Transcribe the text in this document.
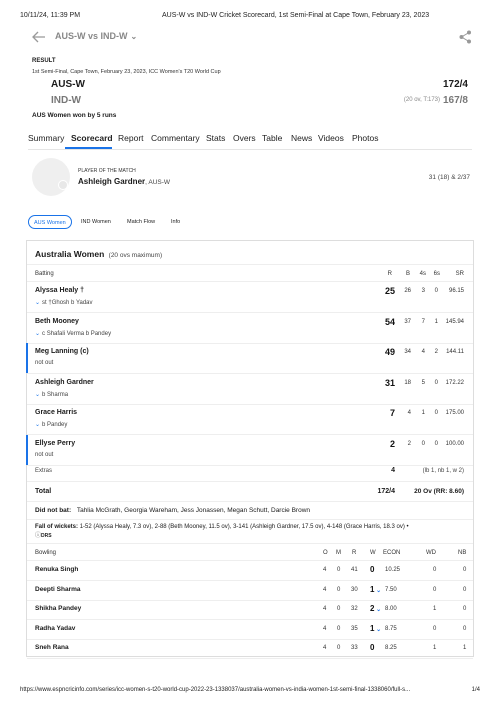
10/11/24, 11:39 PM	AUS-W vs IND-W Cricket Scorecard, 1st Semi-Final at Cape Town, February 23, 2023
AUS-W vs IND-W ⌄
RESULT
1st Semi-Final, Cape Town, February 23, 2023, ICC Women's T20 World Cup
AUS-W	172/4
IND-W	(20 ov, T:173) 167/8
AUS Women won by 5 runs
Summary Scorecard Report Commentary Stats Overs Table News Videos Photos
PLAYER OF THE MATCH
Ashleigh Gardner, AUS-W
31 (18) & 2/37
AUS Women	IND Women	Match Flow	Info
Australia Women (20 ovs maximum)
Batting	R B 4s 6s	SR
Alyssa Healy †
⌄ st †Ghosh b Yadav
25 26 3 0 96.15
Beth Mooney
⌄ c Shafali Verma b Pandey
54 37 7 1 145.94
Meg Lanning (c)
not out
49 34 4 2 144.11
Ashleigh Gardner
⌄ b Sharma
31 18 5 0 172.22
Grace Harris
⌄ b Pandey
7 4 1 0 175.00
Ellyse Perry
not out
2 2 0 0 100.00
Extras	4	(lb 1, nb 1, w 2)
Total	172/4	20 Ov (RR: 8.60)
Did not bat: Tahlia McGrath, Georgia Wareham, Jess Jonassen, Megan Schutt, Darcie Brown
Fall of wickets: 1-52 (Alyssa Healy, 7.3 ov), 2-88 (Beth Mooney, 11.5 ov), 3-141 (Ashleigh Gardner, 17.5 ov), 4-148 (Grace Harris, 18.3 ov) •
ⓘDRS
Bowling	O M R W ECON	WD	NB
Renuka Singh	4 0 41 0 10.25	0	0
Deepti Sharma	4 0 30 1 ⌄ 7.50	0	0
Shikha Pandey	4 0 32 2 ⌄ 8.00	1	0
Radha Yadav	4 0 35 1 ⌄ 8.75	0	0
Sneh Rana	4 0 33 0 8.25	1	1
https://www.espncricinfo.com/series/icc-women-s-t20-world-cup-2022-23-1338037/australia-women-vs-india-women-1st-semi-final-1338060/full-s...	1/4
